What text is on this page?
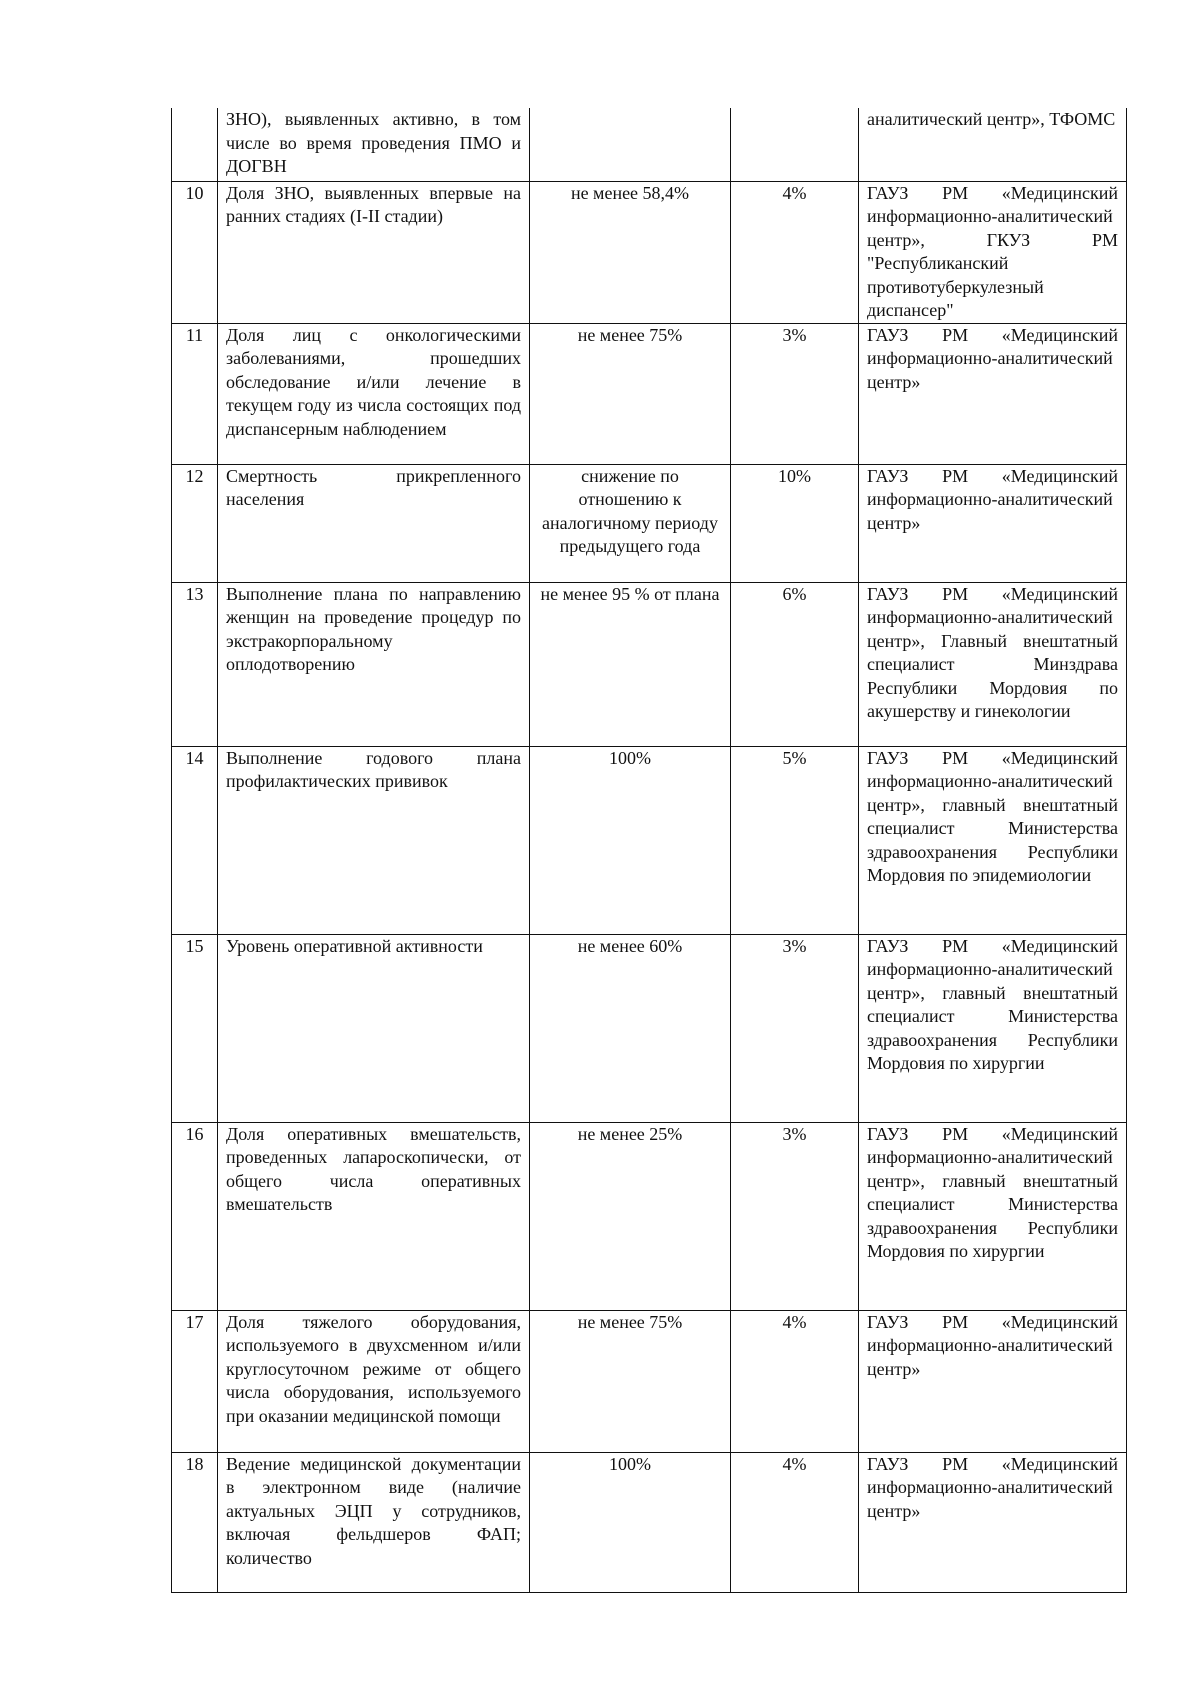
	ЗНО), выявленных активно, в том числе во время проведения ПМО и ДОГВН			аналитический центр», ТФОМС
10	Доля ЗНО, выявленных впервые на ранних стадиях (I-II стадии)	не менее 58,4%	4%	ГАУЗ РМ «Медицинский информационно-аналитический центр», ГКУЗ РМ "Республиканский противотуберкулезный диспансер"
11	Доля лиц с онкологическими заболеваниями, прошедших обследование и/или лечение в текущем году из числа состоящих под диспансерным наблюдением	не менее 75%	3%	ГАУЗ РМ «Медицинский информационно-аналитический центр»
12	Смертность прикрепленного населения	снижение по отношению к аналогичному периоду предыдущего года	10%	ГАУЗ РМ «Медицинский информационно-аналитический центр»
13	Выполнение плана по направлению женщин на проведение процедур по экстракорпоральному оплодотворению	не менее 95 % от плана	6%	ГАУЗ РМ «Медицинский информационно-аналитический центр», Главный внештатный специалист Минздрава Республики Мордовия по акушерству и гинекологии
14	Выполнение годового плана профилактических прививок	100%	5%	ГАУЗ РМ «Медицинский информационно-аналитический центр», главный внештатный специалист Министерства здравоохранения Республики Мордовия по эпидемиологии
15	Уровень оперативной активности	не менее 60%	3%	ГАУЗ РМ «Медицинский информационно-аналитический центр», главный внештатный специалист Министерства здравоохранения Республики Мордовия по хирургии
16	Доля оперативных вмешательств, проведенных лапароскопически, от общего числа оперативных вмешательств	не менее 25%	3%	ГАУЗ РМ «Медицинский информационно-аналитический центр», главный внештатный специалист Министерства здравоохранения Республики Мордовия по хирургии
17	Доля тяжелого оборудования, используемого в двухсменном и/или круглосуточном режиме от общего числа оборудования, используемого при оказании медицинской помощи	не менее 75%	4%	ГАУЗ РМ «Медицинский информационно-аналитический центр»
18	Ведение медицинской документации в электронном виде (наличие актуальных ЭЦП у сотрудников, включая фельдшеров ФАП; количество	100%	4%	ГАУЗ РМ «Медицинский информационно-аналитический центр»
